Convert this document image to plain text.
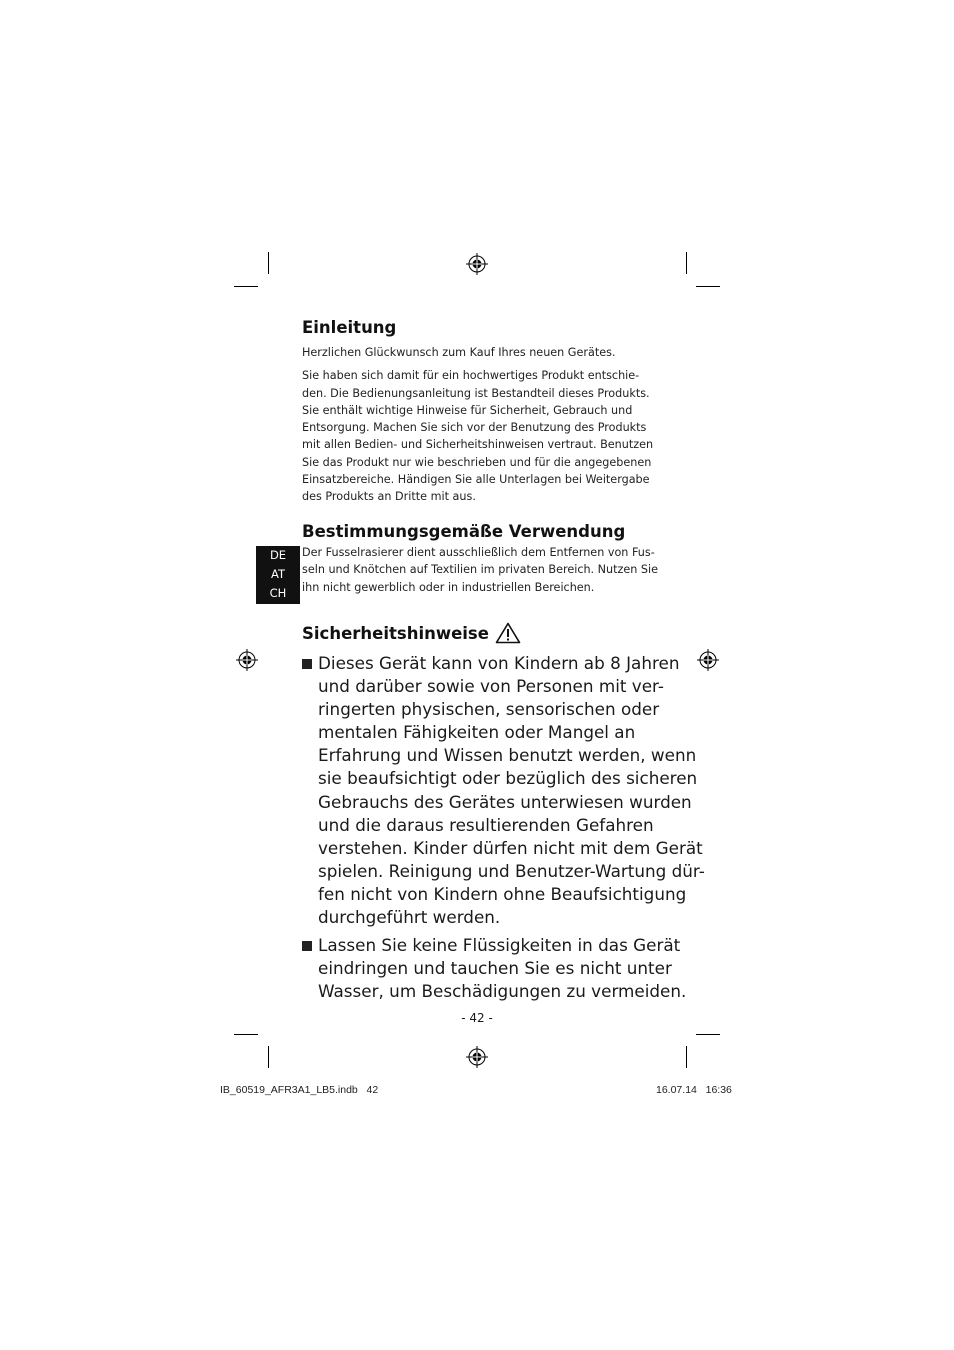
Einleitung

Herzlichen Glückwunsch zum Kauf Ihres neuen Gerätes.

Sie haben sich damit für ein hochwertiges Produkt entschie-
den. Die Bedienungsanleitung ist Bestandteil dieses Produkts.
Sie enthält wichtige Hinweise für Sicherheit, Gebrauch und
Entsorgung. Machen Sie sich vor der Benutzung des Produkts
mit allen Bedien- und Sicherheitshinweisen vertraut. Benutzen
Sie das Produkt nur wie beschrieben und für die angegebenen
Einsatzbereiche. Händigen Sie alle Unterlagen bei Weitergabe
des Produkts an Dritte mit aus.

Bestimmungsgemäße Verwendung

Der Fusselrasierer dient ausschließlich dem Entfernen von Fus-
seln und Knötchen auf Textilien im privaten Bereich. Nutzen Sie
ihn nicht gewerblich oder in industriellen Bereichen.

DE
AT
CH
Sicherheitshinweise
Dieses Gerät kann von Kindern ab 8 Jahren
und darüber sowie von Personen mit ver-
ringerten physischen, sensorischen oder
mentalen Fähigkeiten oder Mangel an
Erfahrung und Wissen benutzt werden, wenn
sie beaufsichtigt oder bezüglich des sicheren
Gebrauchs des Gerätes unterwiesen wurden
und die daraus resultierenden Gefahren
verstehen. Kinder dürfen nicht mit dem Gerät
spielen. Reinigung und Benutzer-Wartung dür-
fen nicht von Kindern ohne Beaufsichtigung
durchgeführt werden.
Lassen Sie keine Flüssigkeiten in das Gerät
eindringen und tauchen Sie es nicht unter
Wasser, um Beschädigungen zu vermeiden.
- 42 -
IB_60519_AFR3A1_LB5.indb   42	16.07.14   16:36
